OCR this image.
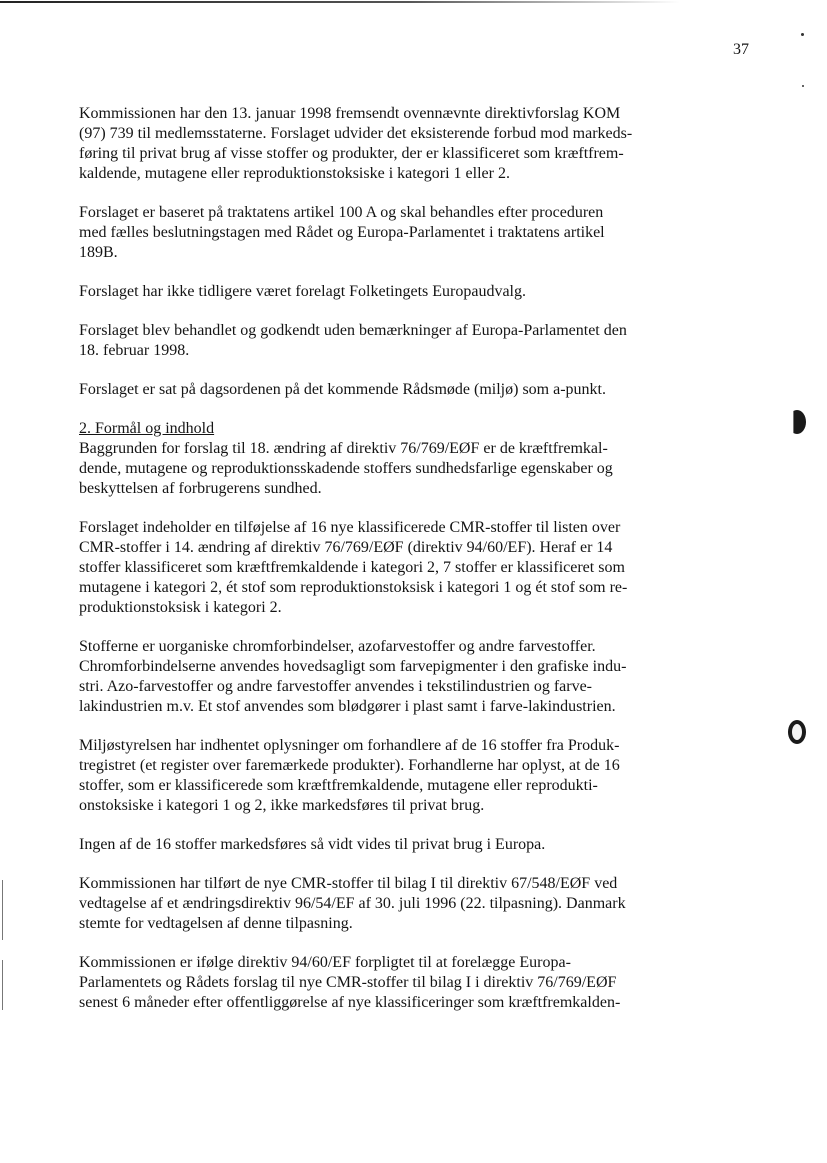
37

Kommissionen har den 13. januar 1998 fremsendt ovennævnte direktivforslag KOM
(97) 739 til medlemsstaterne. Forslaget udvider det eksisterende forbud mod markeds-
føring til privat brug af visse stoffer og produkter, der er klassificeret som kræftfrem-
kaldende, mutagene eller reproduktionstoksiske i kategori 1 eller 2.

Forslaget er baseret på traktatens artikel 100 A og skal behandles efter proceduren
med fælles beslutningstagen med Rådet og Europa-Parlamentet i traktatens artikel
189B.

Forslaget har ikke tidligere været forelagt Folketingets Europaudvalg.

Forslaget blev behandlet og godkendt uden bemærkninger af Europa-Parlamentet den
18. februar 1998.

Forslaget er sat på dagsordenen på det kommende Rådsmøde (miljø) som a-punkt.

2. Formål og indhold
Baggrunden for forslag til 18. ændring af direktiv 76/769/EØF er de kræftfremkal-
dende, mutagene og reproduktionsskadende stoffers sundhedsfarlige egenskaber og
beskyttelsen af forbrugerens sundhed.

Forslaget indeholder en tilføjelse af 16 nye klassificerede CMR-stoffer til listen over
CMR-stoffer i 14. ændring af direktiv 76/769/EØF (direktiv 94/60/EF). Heraf er 14
stoffer klassificeret som kræftfremkaldende i kategori 2, 7 stoffer er klassificeret som
mutagene i kategori 2, ét stof som reproduktionstoksisk i kategori 1 og ét stof som re-
produktionstoksisk i kategori 2.

Stofferne er uorganiske chromforbindelser, azofarvestoffer og andre farvestoffer.
Chromforbindelserne anvendes hovedsagligt som farvepigmenter i den grafiske indu-
stri. Azo-farvestoffer og andre farvestoffer anvendes i tekstilindustrien og farve-
lakindustrien m.v. Et stof anvendes som blødgører i plast samt i farve-lakindustrien.

Miljøstyrelsen har indhentet oplysninger om forhandlere af de 16 stoffer fra Produk-
tregistret (et register over faremærkede produkter). Forhandlerne har oplyst, at de 16
stoffer, som er klassificerede som kræftfremkaldende, mutagene eller reprodukti-
onstoksiske i kategori 1 og 2, ikke markedsføres til privat brug.

Ingen af de 16 stoffer markedsføres så vidt vides til privat brug i Europa.

Kommissionen har tilført de nye CMR-stoffer til bilag I til direktiv 67/548/EØF ved
vedtagelse af et ændringsdirektiv 96/54/EF af 30. juli 1996 (22. tilpasning). Danmark
stemte for vedtagelsen af denne tilpasning.

Kommissionen er ifølge direktiv 94/60/EF forpligtet til at forelægge Europa-
Parlamentets og Rådets forslag til nye CMR-stoffer til bilag I i direktiv 76/769/EØF
senest 6 måneder efter offentliggørelse af nye klassificeringer som kræftfremkalden-
